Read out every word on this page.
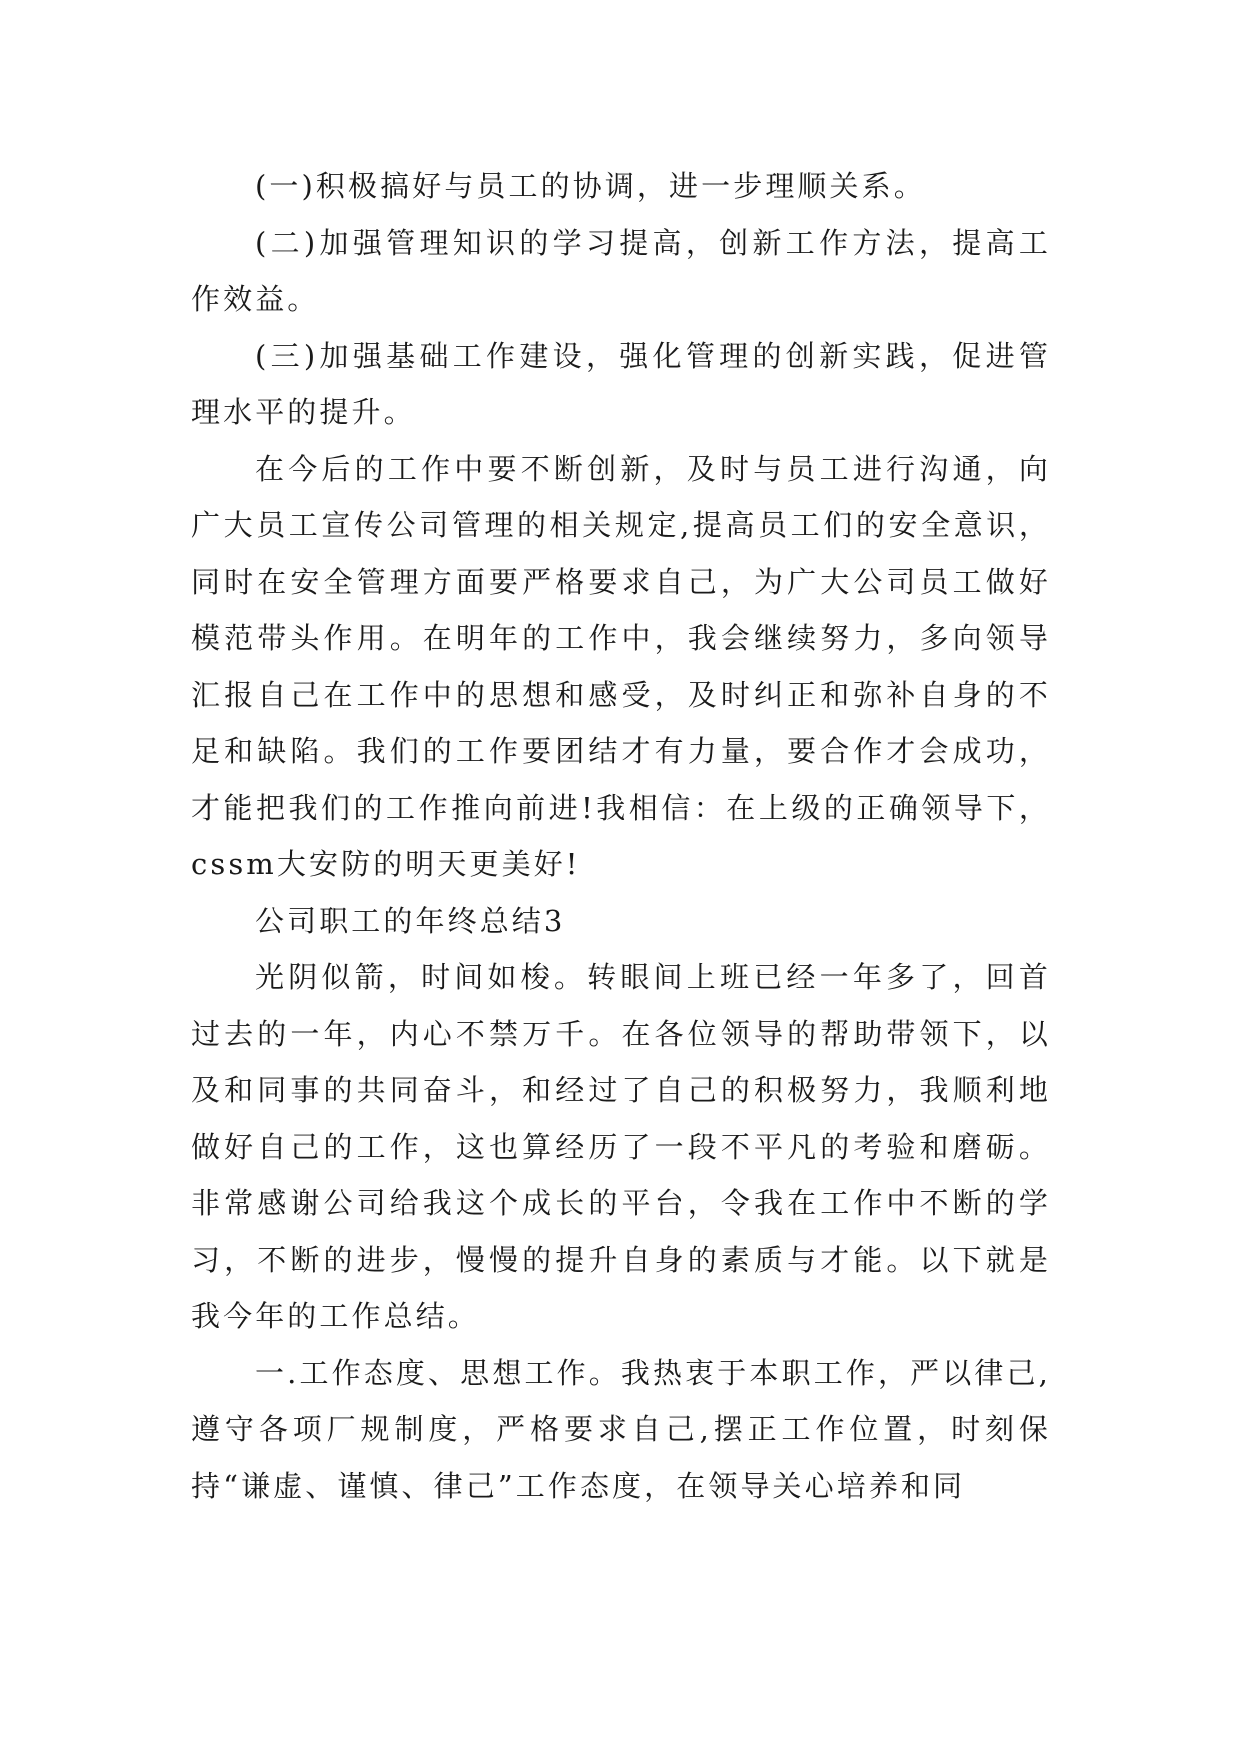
(一)积极搞好与员工的协调，进一步理顺关系。

(二)加强管理知识的学习提高，创新工作方法，提高工作效益。

(三)加强基础工作建设，强化管理的创新实践，促进管理水平的提升。

在今后的工作中要不断创新，及时与员工进行沟通，向广大员工宣传公司管理的相关规定,提高员工们的安全意识，同时在安全管理方面要严格要求自己，为广大公司员工做好模范带头作用。在明年的工作中，我会继续努力，多向领导汇报自己在工作中的思想和感受，及时纠正和弥补自身的不足和缺陷。我们的工作要团结才有力量，要合作才会成功，才能把我们的工作推向前进!我相信：在上级的正确领导下，cssm大安防的明天更美好!

公司职工的年终总结3

光阴似箭，时间如梭。转眼间上班已经一年多了，回首过去的一年，内心不禁万千。在各位领导的帮助带领下，以及和同事的共同奋斗，和经过了自己的积极努力，我顺利地做好自己的工作，这也算经历了一段不平凡的考验和磨砺。非常感谢公司给我这个成长的平台，令我在工作中不断的学习，不断的进步，慢慢的提升自身的素质与才能。以下就是我今年的工作总结。

一.工作态度、思想工作。我热衷于本职工作，严以律己,遵守各项厂规制度，严格要求自己,摆正工作位置，时刻保持“谦虚、谨慎、律己”工作态度，在领导关心培养和同
